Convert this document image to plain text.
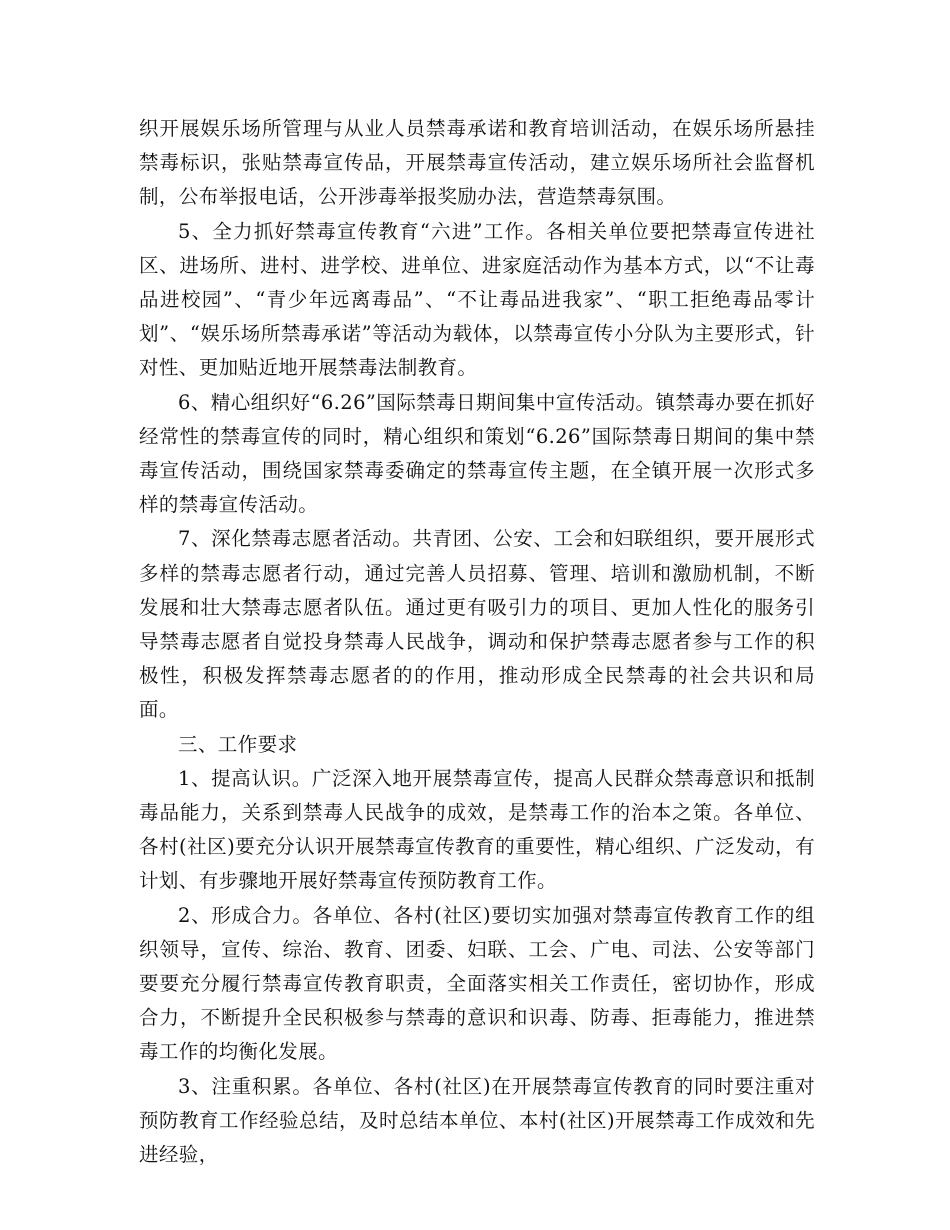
织开展娱乐场所管理与从业人员禁毒承诺和教育培训活动，在娱乐场所悬挂禁毒标识，张贴禁毒宣传品，开展禁毒宣传活动，建立娱乐场所社会监督机制，公布举报电话，公开涉毒举报奖励办法，营造禁毒氛围。

5、全力抓好禁毒宣传教育“六进”工作。各相关单位要把禁毒宣传进社区、进场所、进村、进学校、进单位、进家庭活动作为基本方式，以“不让毒品进校园”、“青少年远离毒品”、“不让毒品进我家”、“职工拒绝毒品零计划”、“娱乐场所禁毒承诺”等活动为载体，以禁毒宣传小分队为主要形式，针对性、更加贴近地开展禁毒法制教育。

6、精心组织好“6.26”国际禁毒日期间集中宣传活动。镇禁毒办要在抓好经常性的禁毒宣传的同时，精心组织和策划“6.26”国际禁毒日期间的集中禁毒宣传活动，围绕国家禁毒委确定的禁毒宣传主题，在全镇开展一次形式多样的禁毒宣传活动。

7、深化禁毒志愿者活动。共青团、公安、工会和妇联组织，要开展形式多样的禁毒志愿者行动，通过完善人员招募、管理、培训和激励机制，不断发展和壮大禁毒志愿者队伍。通过更有吸引力的项目、更加人性化的服务引导禁毒志愿者自觉投身禁毒人民战争，调动和保护禁毒志愿者参与工作的积极性，积极发挥禁毒志愿者的的作用，推动形成全民禁毒的社会共识和局面。

三、工作要求

1、提高认识。广泛深入地开展禁毒宣传，提高人民群众禁毒意识和抵制毒品能力，关系到禁毒人民战争的成效，是禁毒工作的治本之策。各单位、各村(社区)要充分认识开展禁毒宣传教育的重要性，精心组织、广泛发动，有计划、有步骤地开展好禁毒宣传预防教育工作。

2、形成合力。各单位、各村(社区)要切实加强对禁毒宣传教育工作的组织领导，宣传、综治、教育、团委、妇联、工会、广电、司法、公安等部门要要充分履行禁毒宣传教育职责，全面落实相关工作责任，密切协作，形成合力，不断提升全民积极参与禁毒的意识和识毒、防毒、拒毒能力，推进禁毒工作的均衡化发展。

3、注重积累。各单位、各村(社区)在开展禁毒宣传教育的同时要注重对预防教育工作经验总结，及时总结本单位、本村(社区)开展禁毒工作成效和先进经验，
